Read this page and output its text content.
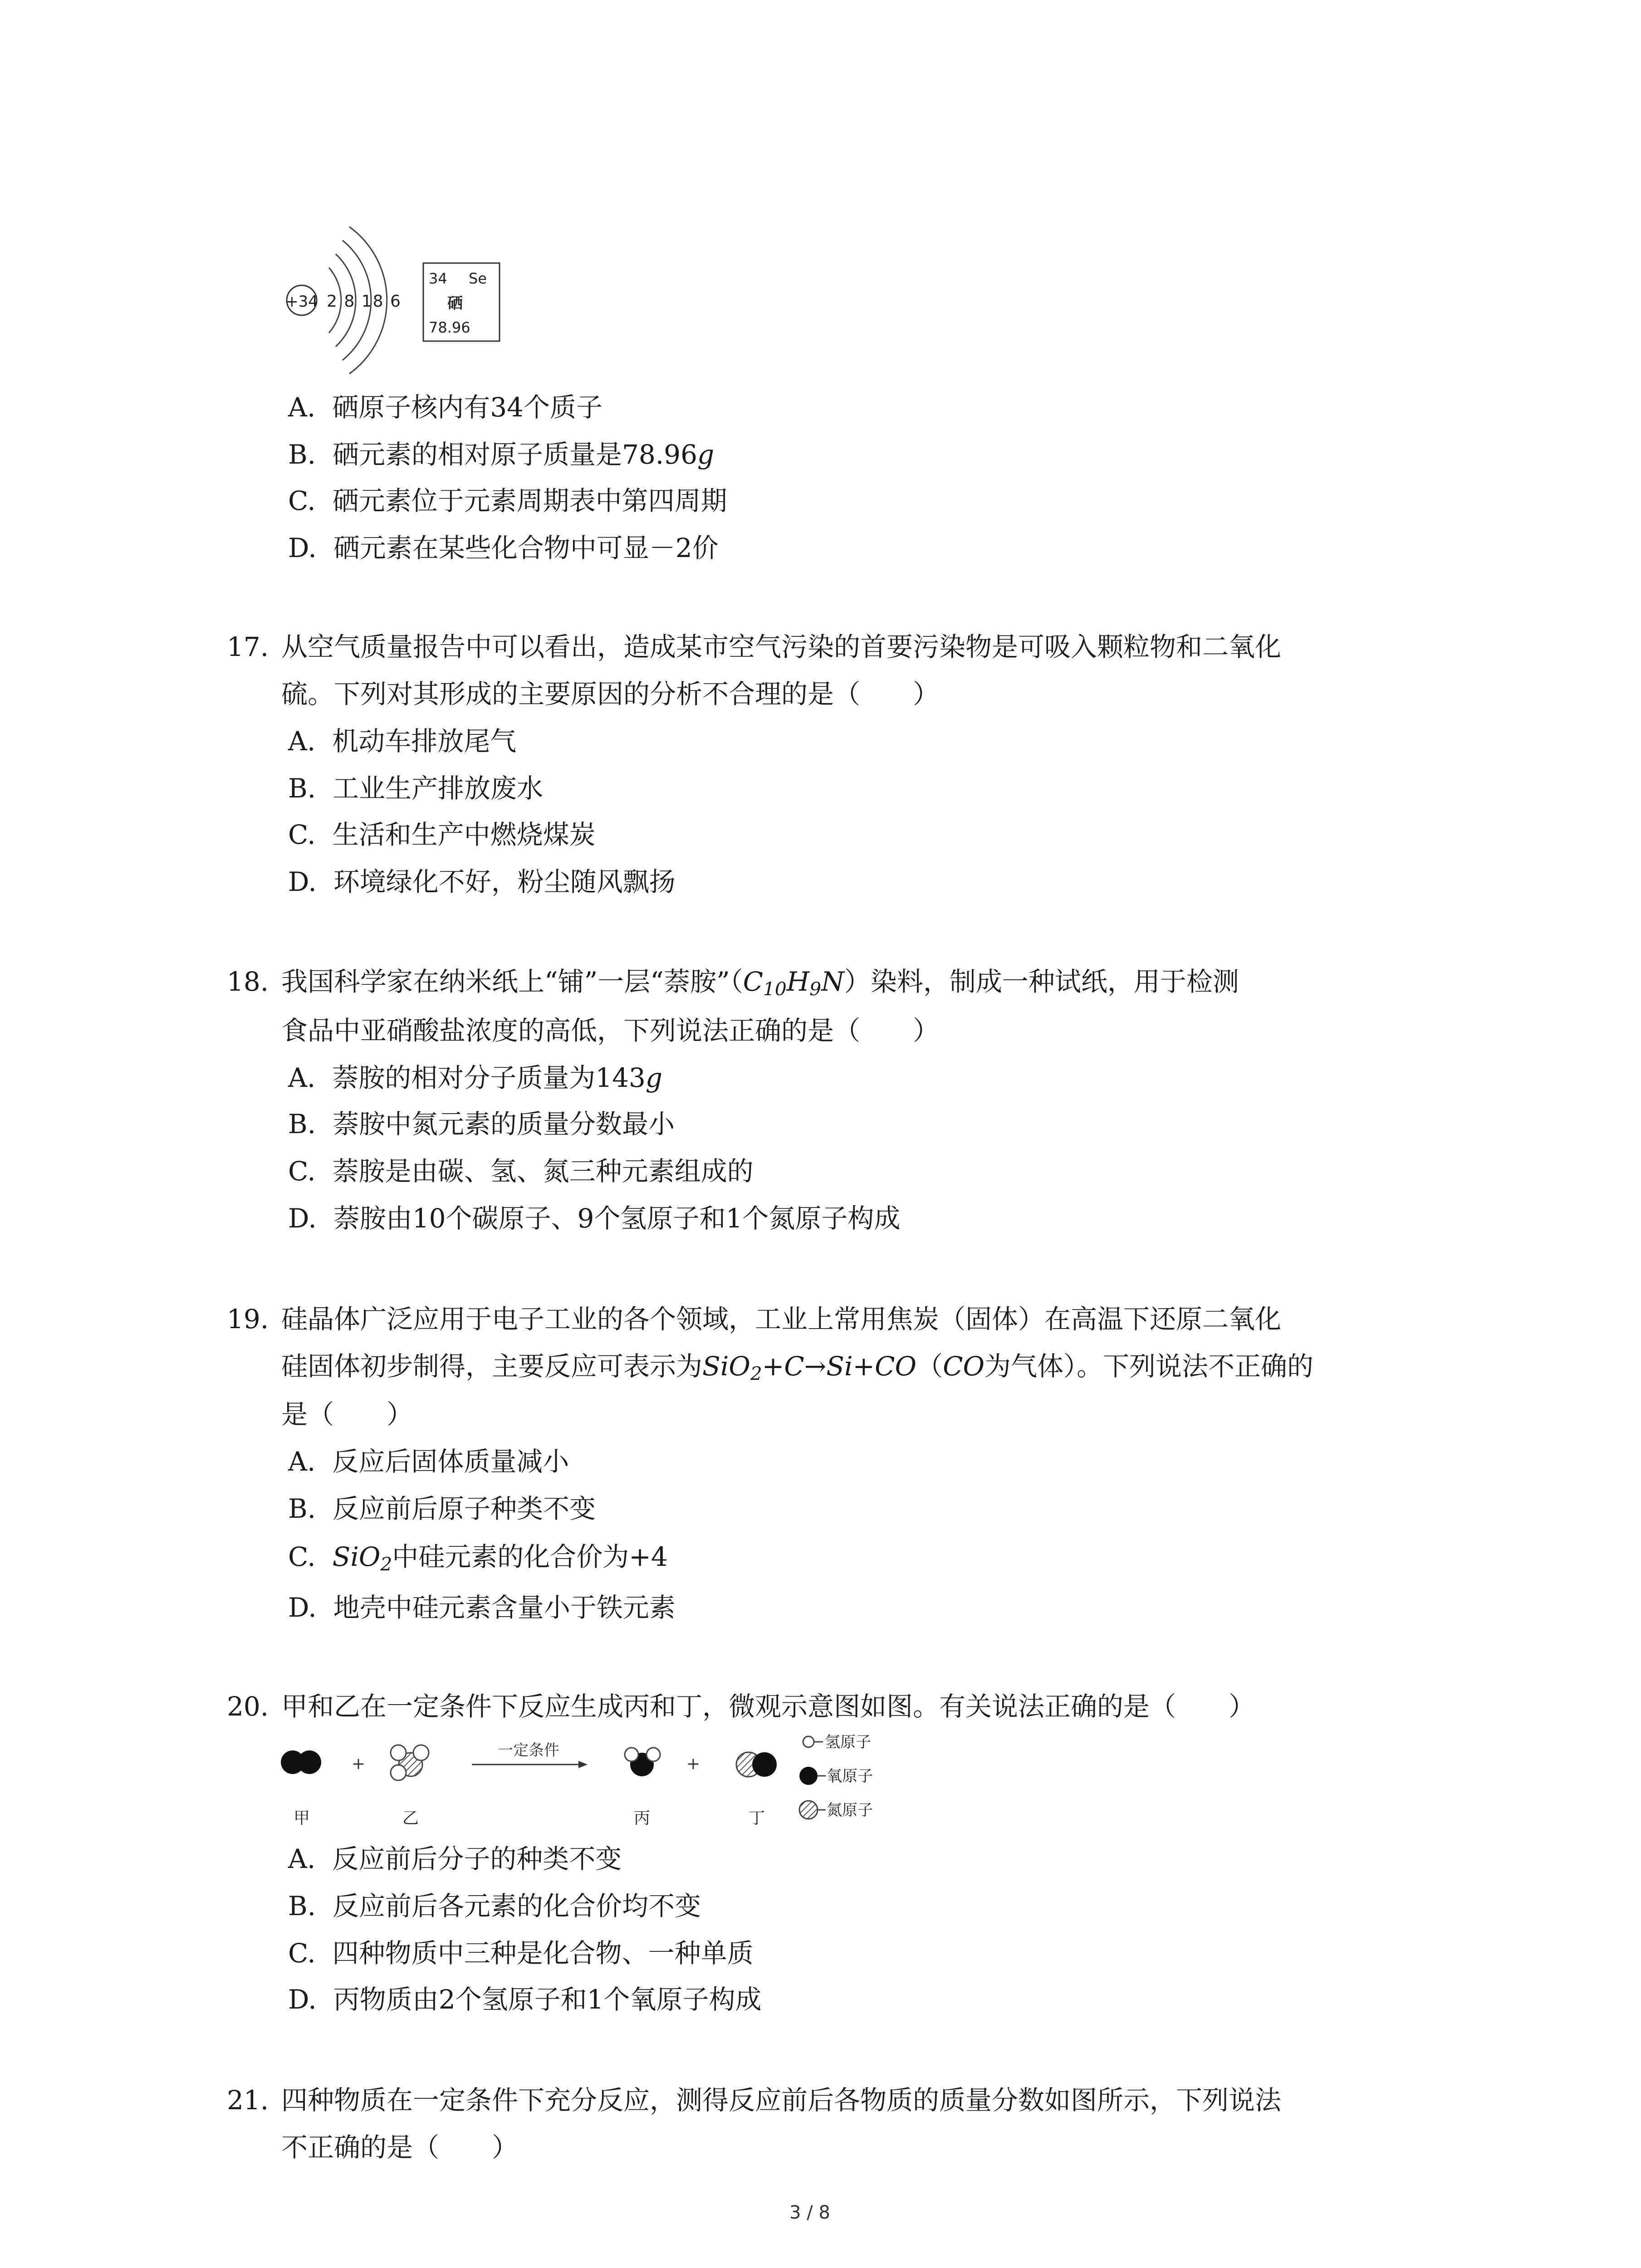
+34 2 8 18 6
34 Se
硒
78.96
A. 硒原子核内有34个质子
B. 硒元素的相对原子质量是78.96g
C. 硒元素位于元素周期表中第四周期
D. 硒元素在某些化合物中可显－2价
17. 从空气质量报告中可以看出，造成某市空气污染的首要污染物是可吸入颗粒物和二氧化
硫。下列对其形成的主要原因的分析不合理的是（　　）
A. 机动车排放尾气
B. 工业生产排放废水
C. 生活和生产中燃烧煤炭
D. 环境绿化不好，粉尘随风飘扬
18. 我国科学家在纳米纸上“铺”一层“萘胺$”(C_{10}H_9N)$染料，制成一种试纸，用于检测
食品中亚硝酸盐浓度的高低，下列说法正确的是（　　）
A. 萘胺的相对分子质量为143g
B. 萘胺中氮元素的质量分数最小
C. 萘胺是由碳、氢、氮三种元素组成的
D. 萘胺由10个碳原子、9个氢原子和1个氮原子构成
19. 硅晶体广泛应用于电子工业的各个领域，工业上常用焦炭（固体）在高温下还原二氧化
硅固体初步制得，主要反应可表示为SiO$_2$+C→Si+CO（CO为气体）。下列说法不正确的
是（　　）
A. 反应后固体质量减小
B. 反应前后原子种类不变
C. SiO$_2$中硅元素的化合价为+4
D. 地壳中硅元素含量小于铁元素
20. 甲和乙在一定条件下反应生成丙和丁，微观示意图如图。有关说法正确的是（　　）
+
一定条件
+
甲	乙	丙	丁
氢原子
氧原子
氮原子
A. 反应前后分子的种类不变
B. 反应前后各元素的化合价均不变
C. 四种物质中三种是化合物、一种单质
D. 丙物质由2个氢原子和1个氧原子构成
21. 四种物质在一定条件下充分反应，测得反应前后各物质的质量分数如图所示，下列说法
不正确的是（　　）
3 / 8
